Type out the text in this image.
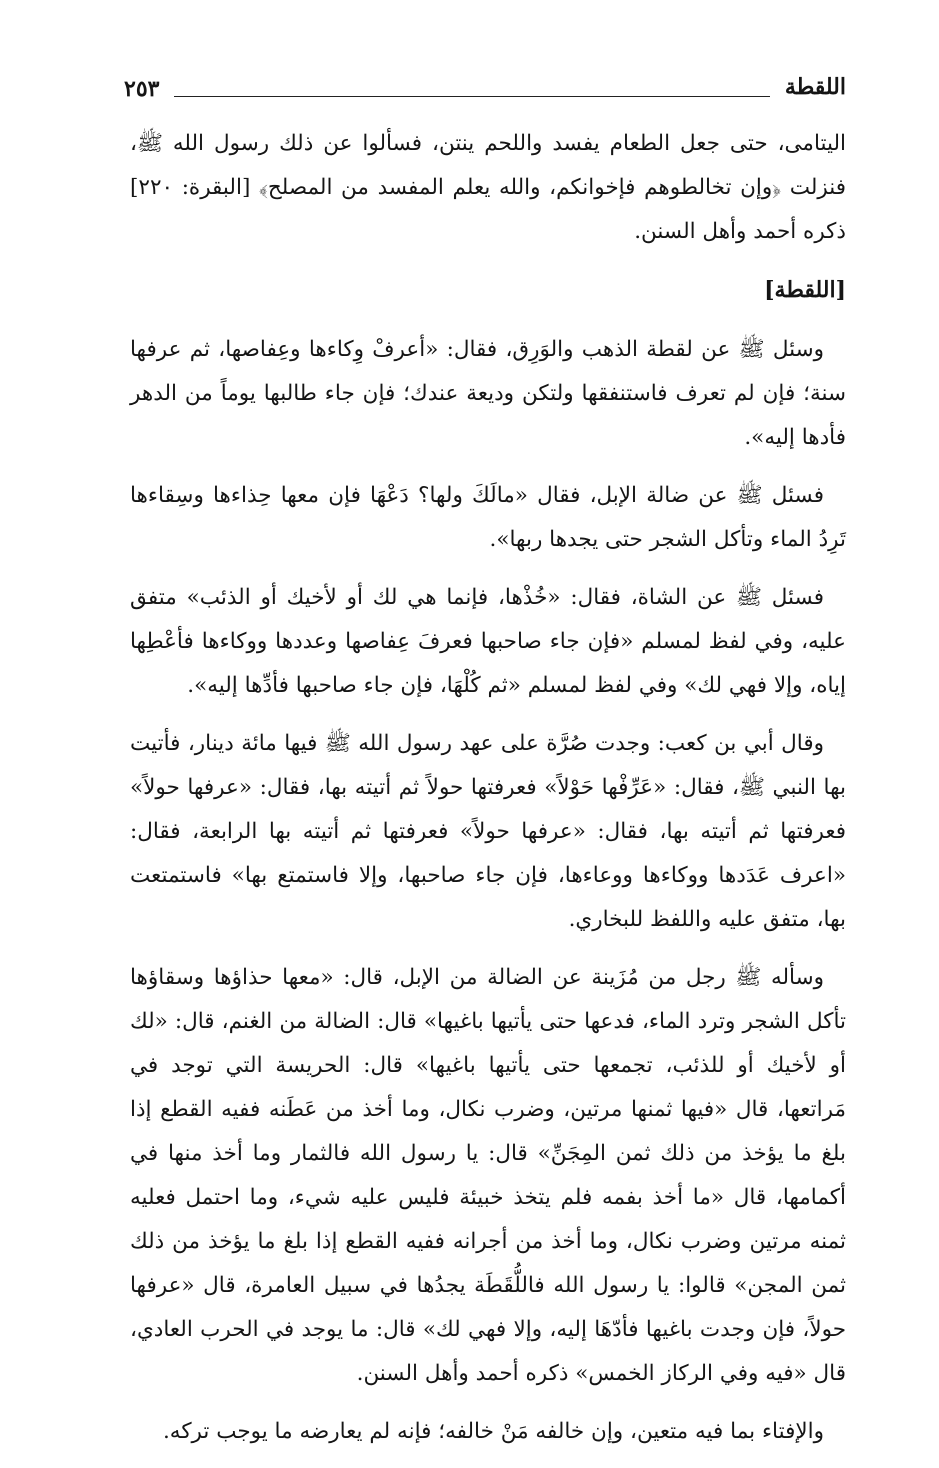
٢٥٣	اللقطة

اليتامى، حتى جعل الطعام يفسد واللحم ينتن، فسألوا عن ذلك رسول الله ﷺ، فنزلت ﴿وإن تخالطوهم فإخوانكم، والله يعلم المفسد من المصلح﴾ [البقرة: ٢٢٠] ذكره أحمد وأهل السنن.

[اللقطة]

وسئل ﷺ عن لقطة الذهب والوَرِق، فقال: «أعرفْ وِكاءها وعِفاصها، ثم عرفها سنة؛ فإن لم تعرف فاستنفقها ولتكن وديعة عندك؛ فإن جاء طالبها يوماً من الدهر فأدها إليه».

فسئل ﷺ عن ضالة الإبل، فقال «مالَكَ ولها؟ دَعْهَا فإن معها حِذاءها وسِقاءها تَرِدُ الماء وتأكل الشجر حتى يجدها ربها».

فسئل ﷺ عن الشاة، فقال: «خُذْها، فإنما هي لك أو لأخيك أو الذئب» متفق عليه، وفي لفظ لمسلم «فإن جاء صاحبها فعرفَ عِفاصها وعددها ووكاءها فأعْطِها إياه، وإلا فهي لك» وفي لفظ لمسلم «ثم كُلْهَا، فإن جاء صاحبها فأدِّها إليه».

وقال أبي بن كعب: وجدت صُرَّة على عهد رسول الله ﷺ فيها مائة دينار، فأتيت بها النبي ﷺ، فقال: «عَرِّفْها حَوْلاً» فعرفتها حولاً ثم أتيته بها، فقال: «عرفها حولاً» فعرفتها ثم أتيته بها، فقال: «عرفها حولاً» فعرفتها ثم أتيته بها الرابعة، فقال: «اعرف عَدَدها ووكاءها ووعاءها، فإن جاء صاحبها، وإلا فاستمتع بها» فاستمتعت بها، متفق عليه واللفظ للبخاري.

وسأله ﷺ رجل من مُزَينة عن الضالة من الإبل، قال: «معها حذاؤها وسقاؤها تأكل الشجر وترد الماء، فدعها حتى يأتيها باغيها» قال: الضالة من الغنم، قال: «لك أو لأخيك أو للذئب، تجمعها حتى يأتيها باغيها» قال: الحريسة التي توجد في مَراتعها، قال «فيها ثمنها مرتين، وضرب نكال، وما أخذ من عَطَنه ففيه القطع إذا بلغ ما يؤخذ من ذلك ثمن المِجَنِّ» قال: يا رسول الله فالثمار وما أخذ منها في أكمامها، قال «ما أخذ بفمه فلم يتخذ خبيئة فليس عليه شيء، وما احتمل فعليه ثمنه مرتين وضرب نكال، وما أخذ من أجرانه ففيه القطع إذا بلغ ما يؤخذ من ذلك ثمن المجن» قالوا: يا رسول الله فاللُّقَطَة يجدُها في سبيل العامرة، قال «عرفها حولاً، فإن وجدت باغيها فأدّهَا إليه، وإلا فهي لك» قال: ما يوجد في الحرب العادي، قال «فيه وفي الركاز الخمس» ذكره أحمد وأهل السنن.

والإفتاء بما فيه متعين، وإن خالفه مَنْ خالفه؛ فإنه لم يعارضه ما يوجب تركه.
